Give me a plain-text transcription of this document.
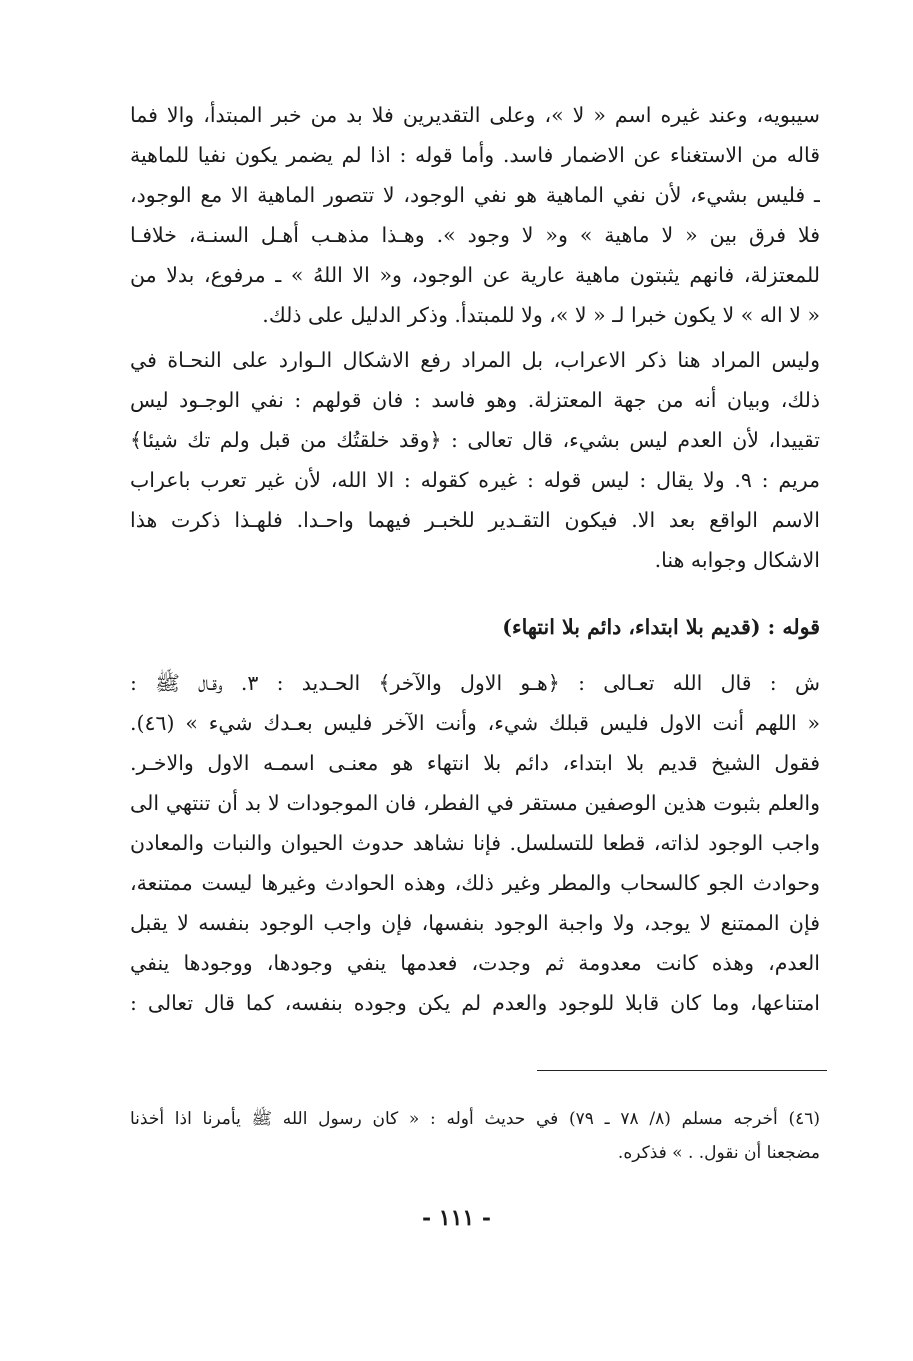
سيبويه، وعند غيره اسم « لا »، وعلى التقديرين فلا بد من خبر المبتدأ، والا فما
قاله من الاستغناء عن الاضمار فاسد. وأما قوله : اذا لم يضمر يكون نفيا للماهية
ـ فليس بشيء، لأن نفي الماهية هو نفي الوجود، لا تتصور الماهية الا مع الوجود،
فلا فرق بين « لا ماهية » و« لا وجود ». وهـذا مذهـب أهـل السنـة، خلافـا
للمعتزلة، فانهم يثبتون ماهية عارية عن الوجود، و« الا اللهُ » ـ مرفوع، بدلا من
« لا اله » لا يكون خبرا لـ « لا »، ولا للمبتدأ. وذكر الدليل على ذلك.
وليس المراد هنا ذكر الاعراب، بل المراد رفع الاشكال الـوارد على النحـاة في
ذلك، وبيان أنه من جهة المعتزلة. وهو فاسد : فان قولهم : نفي الوجـود ليس
تقييدا، لأن العدم ليس بشيء، قال تعالى : ﴿وقد خلقتُك من قبل ولم تك شيئا﴾
مريم : ٩. ولا يقال : ليس قوله : غيره كقوله : الا الله، لأن غير تعرب باعراب
الاسم الواقع بعد الا. فيكون التقـدير للخبـر فيهما واحـدا. فلهـذا ذكرت هذا
الاشكال وجوابه هنا.
قوله : (قديم بلا ابتداء، دائم بلا انتهاء)
ش : قال الله تعـالى : ﴿هـو الاول والآخر﴾ الحـديد : ٣. وقـال ﷺ :
« اللهم أنت الاول فليس قبلك شيء، وأنت الآخر فليس بعـدك شيء » (٤٦).
فقول الشيخ قديم بلا ابتداء، دائم بلا انتهاء هو معنـى اسمـه الاول والاخـر.
والعلم بثبوت هذين الوصفين مستقر في الفطر، فان الموجودات لا بد أن تنتهي الى
واجب الوجود لذاته، قطعا للتسلسل. فإنا نشاهد حدوث الحيوان والنبات والمعادن
وحوادث الجو كالسحاب والمطر وغير ذلك، وهذه الحوادث وغيرها ليست ممتنعة،
فإن الممتنع لا يوجد، ولا واجبة الوجود بنفسها، فإن واجب الوجود بنفسه لا يقبل
العدم، وهذه كانت معدومة ثم وجدت، فعدمها ينفي وجودها، ووجودها ينفي
امتناعها، وما كان قابلا للوجود والعدم لم يكن وجوده بنفسه، كما قال تعالى :
(٤٦) أخرجه مسلم (٨/ ٧٨ ـ ٧٩) في حديث أوله : « كان رسول الله ﷺ يأمرنا اذا أخذنا
مضجعنا أن نقول. . » فذكره.
- ١١١ -
